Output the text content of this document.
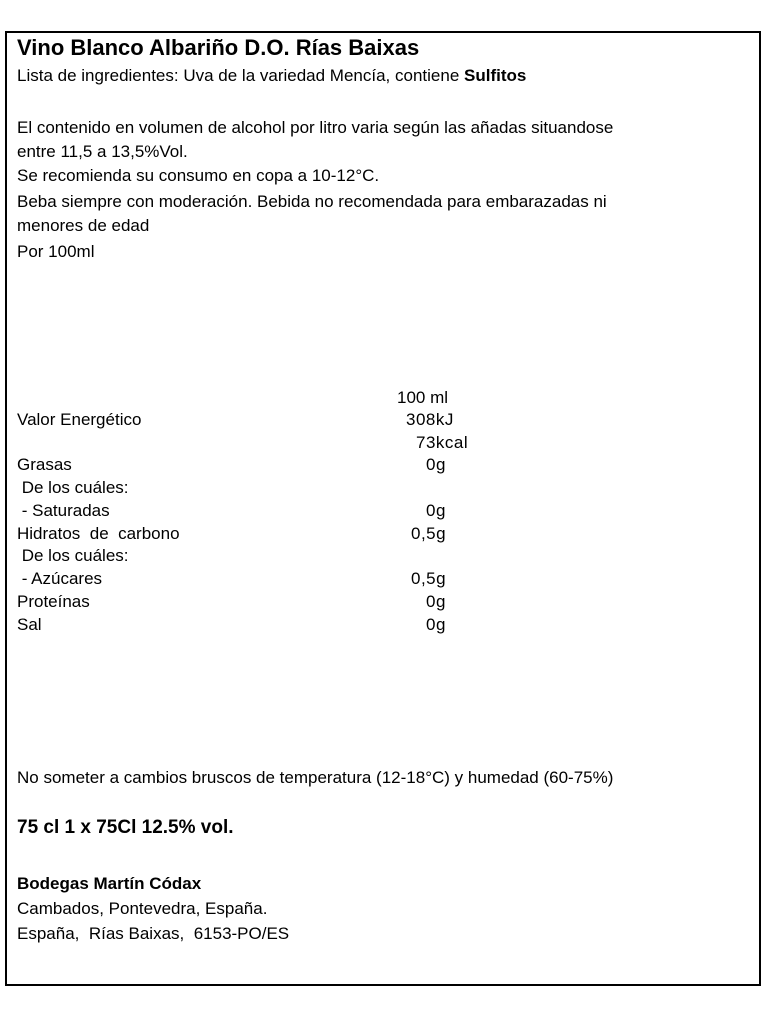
Vino Blanco Albariño D.O. Rías Baixas
Lista de ingredientes: Uva de la variedad Mencía, contiene Sulfitos
El contenido en volumen de alcohol por litro varia según las añadas situandose
entre 11,5 a 13,5%Vol.
Se recomienda su consumo en copa a 10-12°C.
Beba siempre con moderación. Bebida no recomendada para embarazadas ni
menores de edad
Por 100ml
100 ml
Valor Energético	308kJ
73kcal
Grasas	0g
De los cuáles:
- Saturadas	0g
Hidratos  de  carbono	0,5g
De los cuáles:
- Azúcares	0,5g
Proteínas	0g
Sal	0g
No someter a cambios bruscos de temperatura (12-18°C) y humedad (60-75%)
75 cl 1 x 75Cl 12.5% vol.
Bodegas Martín Códax
Cambados, Pontevedra, España.
España,  Rías Baixas,  6153-PO/ES
